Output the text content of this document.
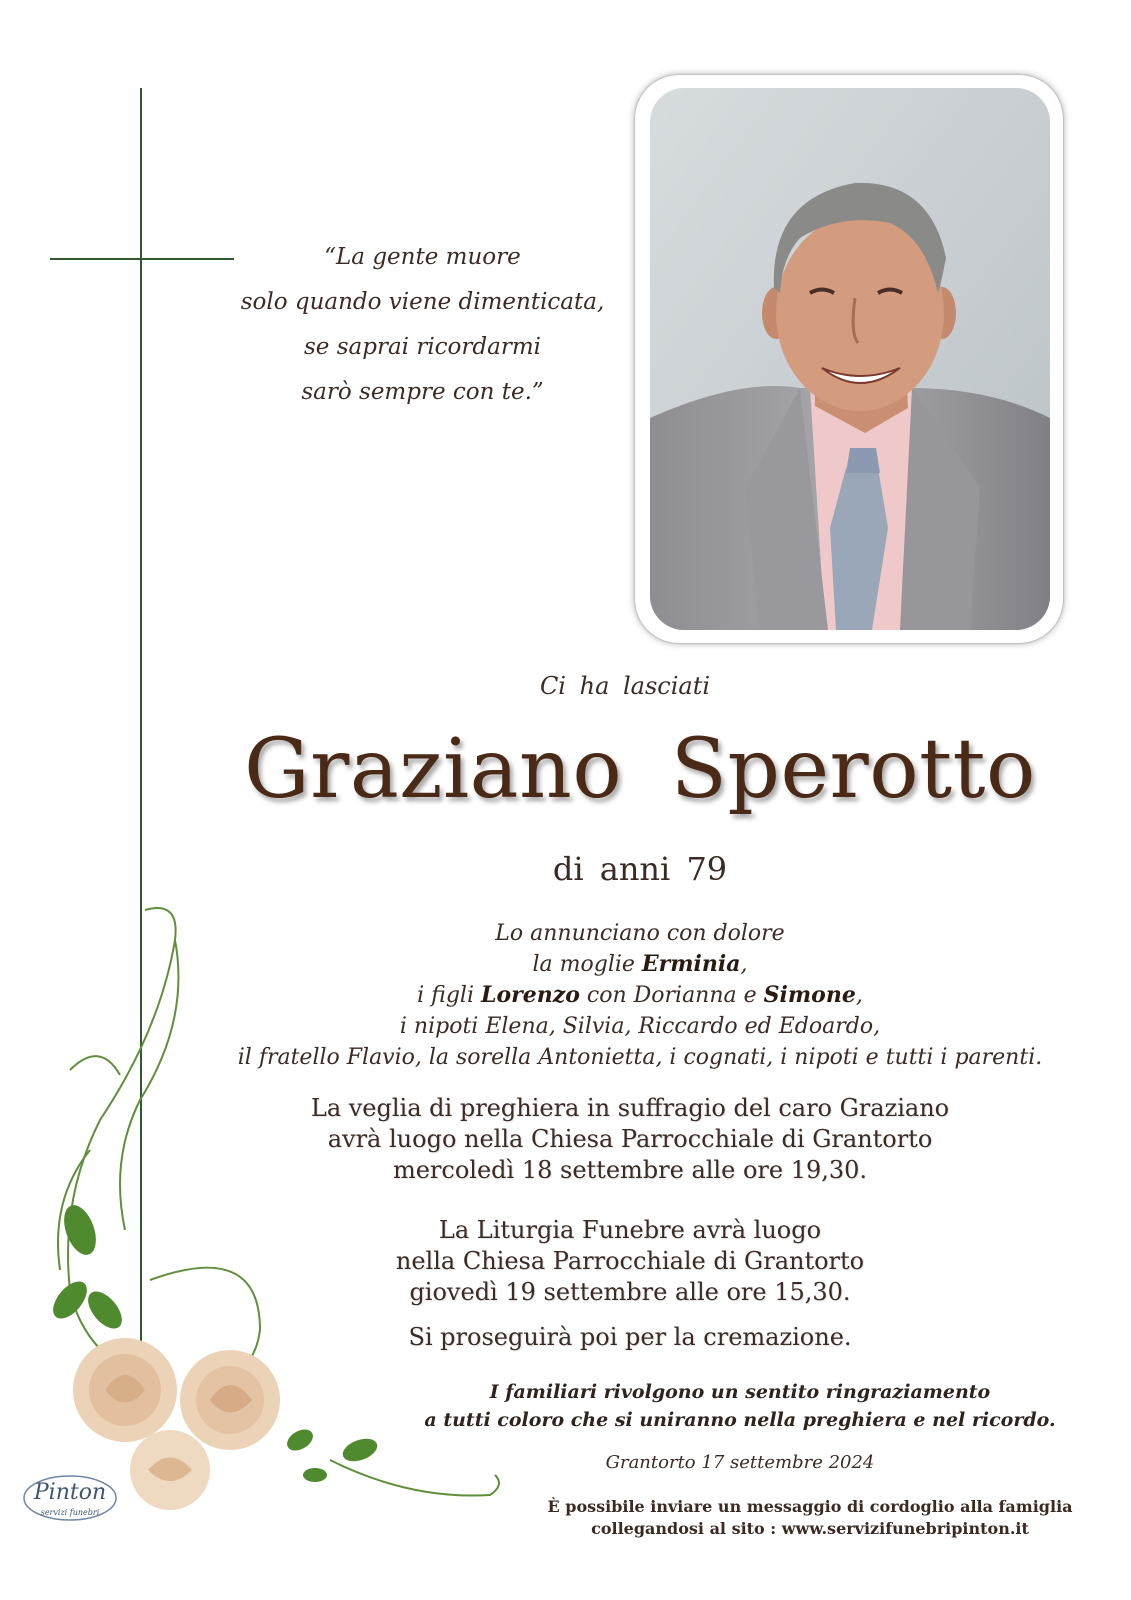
“La gente muore
solo quando viene dimenticata,
se saprai ricordarmi
sarò sempre con te.”
Ci ha lasciati
Graziano Sperotto
di anni 79
Lo annunciano con dolore
la moglie Erminia,
i figli Lorenzo con Dorianna e Simone,
i nipoti Elena, Silvia, Riccardo ed Edoardo,
il fratello Flavio, la sorella Antonietta, i cognati, i nipoti e tutti i parenti.
La veglia di preghiera in suffragio del caro Graziano
avrà luogo nella Chiesa Parrocchiale di Grantorto
mercoledì 18 settembre alle ore 19,30.
La Liturgia Funebre avrà luogo
nella Chiesa Parrocchiale di Grantorto
giovedì 19 settembre alle ore 15,30.
Si proseguirà poi per la cremazione.
I familiari rivolgono un sentito ringraziamento
a tutti coloro che si uniranno nella preghiera e nel ricordo.
Grantorto 17 settembre 2024
È possibile inviare un messaggio di cordoglio alla famiglia
collegandosi al sito : www.servizifunebripinton.it
Pinton
servizi funebri
